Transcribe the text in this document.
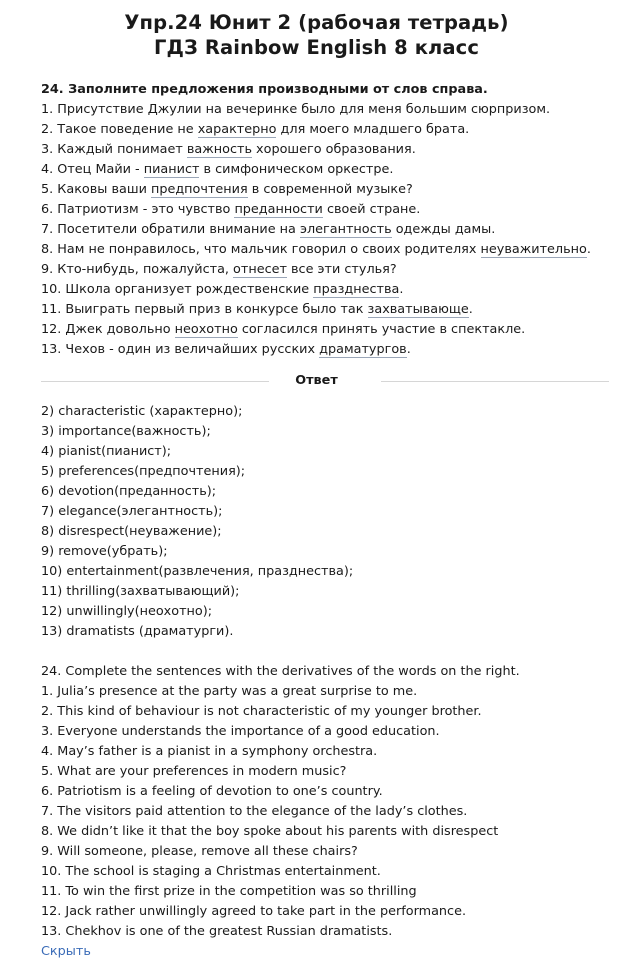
Упр.24 Юнит 2 (рабочая тетрадь)
ГДЗ Rainbow English 8 класс
24. Заполните предложения производными от слов справа.
1. Присутствие Джулии на вечеринке было для меня большим сюрпризом.
2. Такое поведение не характерно для моего младшего брата.
3. Каждый понимает важность хорошего образования.
4. Отец Майи - пианист в симфоническом оркестре.
5. Каковы ваши предпочтения в современной музыке?
6. Патриотизм - это чувство преданности своей стране.
7. Посетители обратили внимание на элегантность одежды дамы.
8. Нам не понравилось, что мальчик говорил о своих родителях неуважительно.
9. Кто-нибудь, пожалуйста, отнесет все эти стулья?
10. Школа организует рождественские празднества.
11. Выиграть первый приз в конкурсе было так захватывающе.
12. Джек довольно неохотно согласился принять участие в спектакле.
13. Чехов - один из величайших русских драматургов.
Ответ
2) characteristic (характерно);
3) importance(важность);
4) pianist(пианист);
5) preferences(предпочтения);
6) devotion(преданность);
7) elegance(элегантность);
8) disrespect(неуважение);
9) remove(убрать);
10) entertainment(развлечения, празднества);
11) thrilling(захватывающий);
12) unwillingly(неохотно);
13) dramatists (драматурги).
24. Complete the sentences with the derivatives of the words on the right.
1. Julia’s presence at the party was a great surprise to me.
2. This kind of behaviour is not characteristic of my younger brother.
3. Everyone understands the importance of a good education.
4. May’s father is a pianist in a symphony orchestra.
5. What are your preferences in modern music?
6. Patriotism is a feeling of devotion to one’s country.
7. The visitors paid attention to the elegance of the lady’s clothes.
8. We didn’t like it that the boy spoke about his parents with disrespect
9. Will someone, please, remove all these chairs?
10. The school is staging a Christmas entertainment.
11. To win the first prize in the competition was so thrilling
12. Jack rather unwillingly agreed to take part in the performance.
13. Chekhov is one of the greatest Russian dramatists.
Скрыть
